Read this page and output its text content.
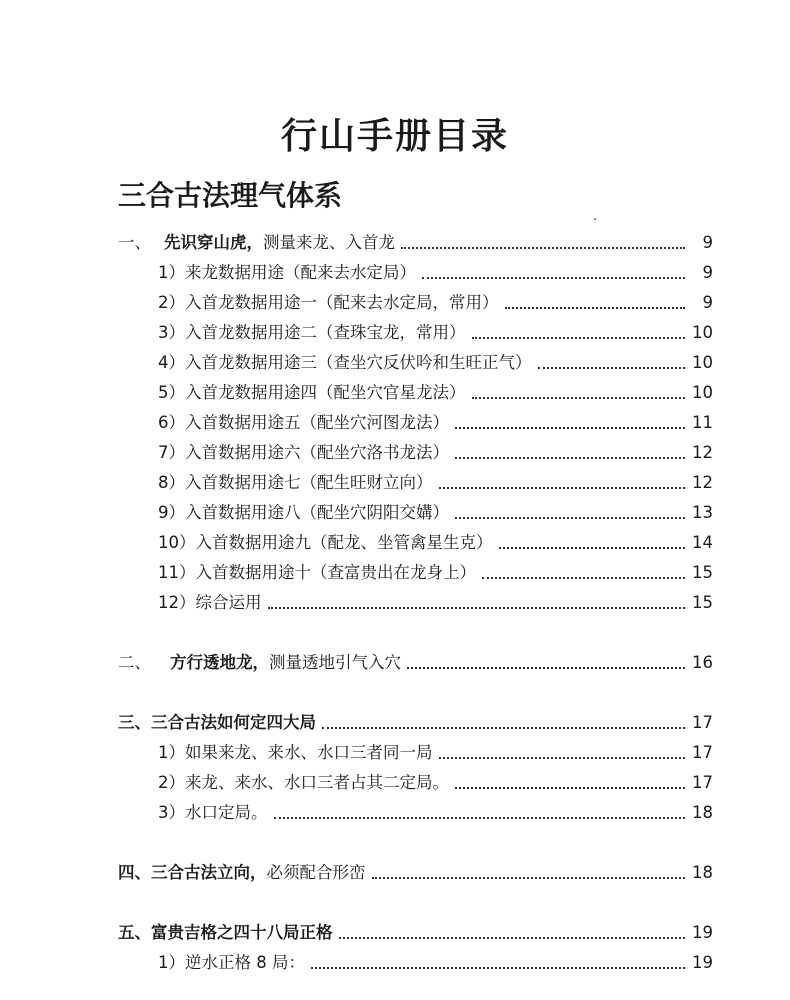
行山手册目录
三合古法理气体系
一、 先识穿山虎， 测量来龙、入首龙	9
1）来龙数据用途（配来去水定局）	9
2）入首龙数据用途一（配来去水定局，常用）	9
3）入首龙数据用途二（查珠宝龙，常用）	10
4）入首龙数据用途三（查坐穴反伏吟和生旺正气）	10
5）入首龙数据用途四（配坐穴官星龙法）	10
6）入首数据用途五（配坐穴河图龙法）	11
7）入首数据用途六（配坐穴洛书龙法）	12
8）入首数据用途七（配生旺财立向）	12
9）入首数据用途八（配坐穴阴阳交媾）	13
10）入首数据用途九（配龙、坐管禽星生克）	14
11）入首数据用途十（查富贵出在龙身上）	15
12）综合运用	15
二、	方行透地龙， 测量透地引气入穴	16
三、三合古法如何定四大局	17
1）如果来龙、来水、水口三者同一局	17
2）来龙、来水、水口三者占其二定局。	17
3）水口定局。	18
四、三合古法立向， 必须配合形峦	18
五、富贵吉格之四十八局正格	19
1）逆水正格 8 局：	19
